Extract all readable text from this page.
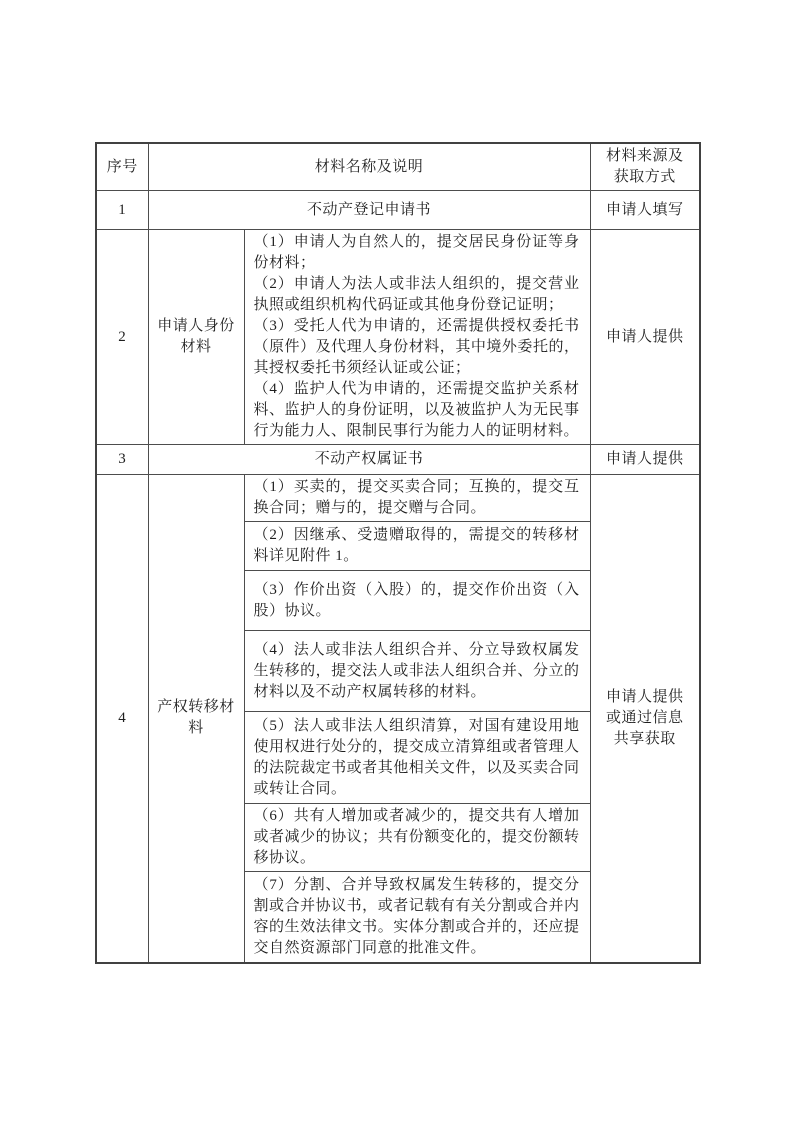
序号	材料名称及说明		材料来源及
获取方式

1	不动产登记申请书		申请人填写

2	申请人身份材料	（1）申请人为自然人的，提交居民身份证等身份材料；
（2）申请人为法人或非法人组织的，提交营业执照或组织机构代码证或其他身份登记证明；
（3）受托人代为申请的，还需提供授权委托书（原件）及代理人身份材料，其中境外委托的，其授权委托书须经认证或公证；
（4）监护人代为申请的，还需提交监护关系材料、监护人的身份证明，以及被监护人为无民事行为能力人、限制民事行为能力人的证明材料。	申请人提供

3	不动产权属证书		申请人提供

4	产权转移材料	（1）买卖的，提交买卖合同；互换的，提交互换合同；赠与的，提交赠与合同。	申请人提供
或通过信息
共享获取

		（2）因继承、受遗赠取得的，需提交的转移材料详见附件 1。	

		（3）作价出资（入股）的，提交作价出资（入股）协议。	

		（4）法人或非法人组织合并、分立导致权属发生转移的，提交法人或非法人组织合并、分立的材料以及不动产权属转移的材料。	

		（5）法人或非法人组织清算，对国有建设用地使用权进行处分的，提交成立清算组或者管理人的法院裁定书或者其他相关文件，以及买卖合同或转让合同。	

		（6）共有人增加或者减少的，提交共有人增加或者减少的协议；共有份额变化的，提交份额转移协议。	

		（7）分割、合并导致权属发生转移的，提交分割或合并协议书，或者记载有有关分割或合并内容的生效法律文书。实体分割或合并的，还应提交自然资源部门同意的批准文件。	
